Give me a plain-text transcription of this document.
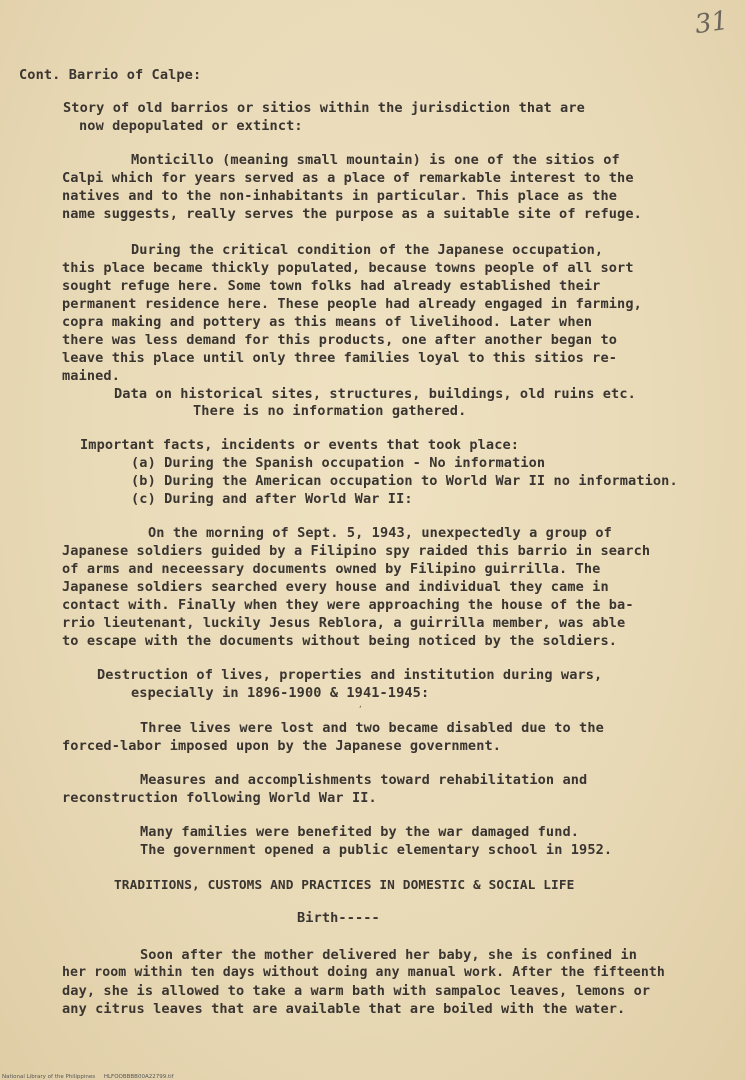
31
Cont. Barrio of Calpe:
Story of old barrios or sitios within the jurisdiction that are
now depopulated or extinct:
Monticillo (meaning small mountain) is one of the sitios of
Calpi which for years served as a place of remarkable interest to the
natives and to the non-inhabitants in particular. This place as the
name suggests, really serves the purpose as a suitable site of refuge.
During the critical condition of the Japanese occupation,
this place became thickly populated, because towns people of all sort
sought refuge here. Some town folks had already established their
permanent residence here. These people had already engaged in farming,
copra making and pottery as this means of livelihood. Later when
there was less demand for this products, one after another began to
leave this place until only three families loyal to this sitios re-
mained.
Data on historical sites, structures, buildings, old ruins etc.
There is no information gathered.
Important facts, incidents or events that took place:
(a) During the Spanish occupation - No information
(b) During the American occupation to World War II no information.
(c) During and after World War II:
On the morning of Sept. 5, 1943, unexpectedly a group of
Japanese soldiers guided by a Filipino spy raided this barrio in search
of arms and neceessary documents owned by Filipino guirrilla. The
Japanese soldiers searched every house and individual they came in
contact with. Finally when they were approaching the house of the ba-
rrio lieutenant, luckily Jesus Reblora, a guirrilla member, was able
to escape with the documents without being noticed by the soldiers.
Destruction of lives, properties and institution during wars,
especially in 1896-1900 & 1941-1945:
,
Three lives were lost and two became disabled due to the
forced-labor imposed upon by the Japanese government.
Measures and accomplishments toward rehabilitation and
reconstruction following World War II.
Many families were benefited by the war damaged fund.
The government opened a public elementary school in 1952.
TRADITIONS, CUSTOMS AND PRACTICES IN DOMESTIC & SOCIAL LIFE
Birth-----
Soon after the mother delivered her baby, she is confined in
her room within ten days without doing any manual work. After the fifteenth
day, she is allowed to take a warm bath with sampaloc leaves, lemons or
any citrus leaves that are available that are boiled with the water.
National Library of the Philippines     HLFOOBBBB00A22799.tif
